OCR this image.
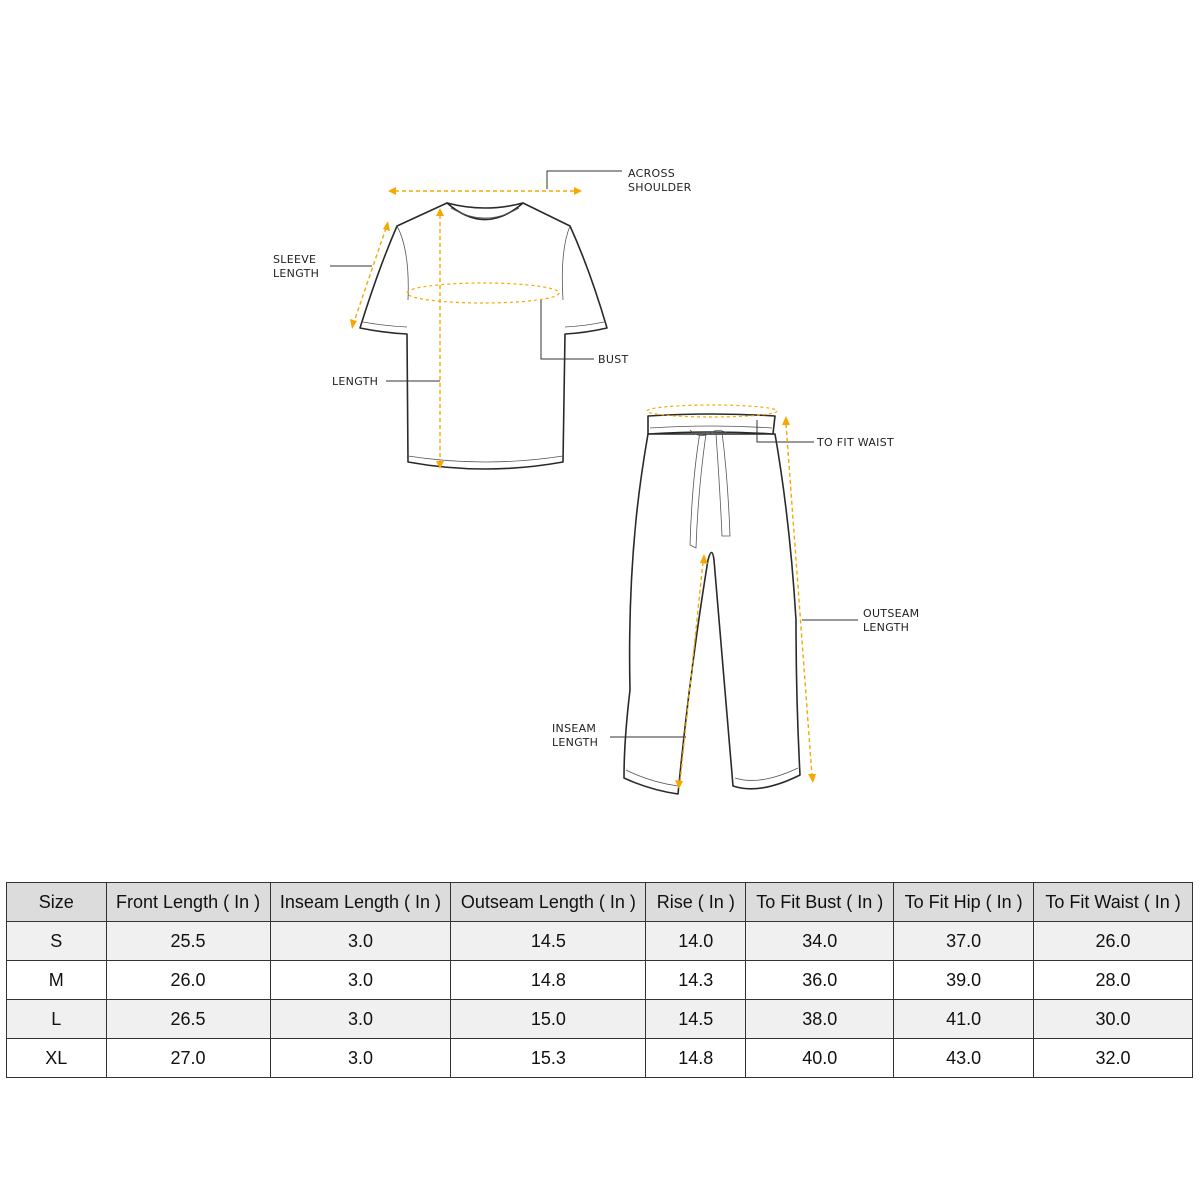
ACROSS SHOULDER
SLEEVE LENGTH
BUST
LENGTH
TO FIT WAIST
OUTSEAM LENGTH
INSEAM LENGTH
Size	Front Length ( In )	Inseam Length ( In )	Outseam Length ( In )	Rise ( In )	To Fit Bust ( In )	To Fit Hip ( In )	To Fit Waist ( In )
S	25.5	3.0	14.5	14.0	34.0	37.0	26.0
M	26.0	3.0	14.8	14.3	36.0	39.0	28.0
L	26.5	3.0	15.0	14.5	38.0	41.0	30.0
XL	27.0	3.0	15.3	14.8	40.0	43.0	32.0
